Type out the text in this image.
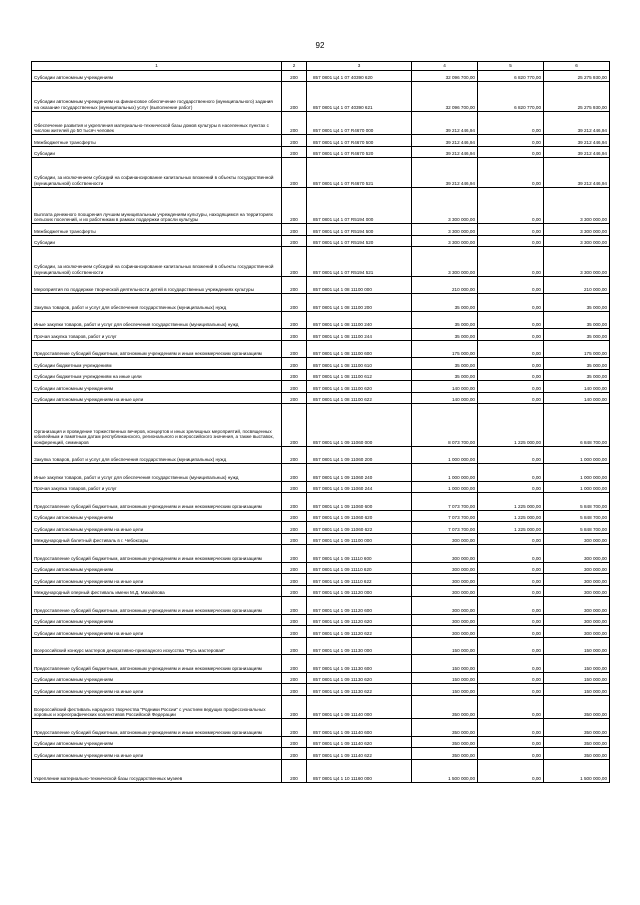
92
1	2	3	4	5	6
Субсидии автономным учреждениям	200	857 0801 Ц4 1 07 40390 620	32 096 700,00	6 820 770,00	25 275 930,00
Субсидии автономным учреждениям на финансовое обеспечение государственного (муниципального) задания на оказание государственных (муниципальных) услуг (выполнение работ)	200	857 0801 Ц4 1 07 40390 621	32 096 700,00	6 820 770,00	25 275 930,00
Обеспечение развития и укрепления материально-технической базы домов культуры в населенных пунктах с числом жителей до 50 тысяч человек	200	857 0801 Ц4 1 07 R4670 000	39 212 446,94	0,00	39 212 446,94
Межбюджетные трансферты	200	857 0801 Ц4 1 07 R4670 500	39 212 446,94	0,00	39 212 446,94
Субсидии	200	857 0801 Ц4 1 07 R4670 520	39 212 446,94	0,00	39 212 446,94
Субсидии, за исключением субсидий на софинансирование капитальных вложений в объекты государственной (муниципальной) собственности	200	857 0801 Ц4 1 07 R4670 521	39 212 446,94	0,00	39 212 446,94
Выплата денежного поощрения лучшим муниципальным учреждениям культуры, находящимся на территориях сельских поселений, и их работникам в рамках поддержки отрасли культуры	200	857 0801 Ц4 1 07 R5194 000	3 300 000,00	0,00	3 300 000,00
Межбюджетные трансферты	200	857 0801 Ц4 1 07 R5194 500	3 300 000,00	0,00	3 300 000,00
Субсидии	200	857 0801 Ц4 1 07 R5194 520	3 300 000,00	0,00	3 300 000,00
Субсидии, за исключением субсидий на софинансирование капитальных вложений в объекты государственной (муниципальной) собственности	200	857 0801 Ц4 1 07 R5194 521	3 300 000,00	0,00	3 300 000,00
Мероприятия по поддержке творческой деятельности детей в государственных учреждениях культуры	200	857 0801 Ц4 1 08 11100 000	210 000,00	0,00	210 000,00
Закупка товаров, работ и услуг для обеспечения государственных (муниципальных) нужд	200	857 0801 Ц4 1 08 11100 200	35 000,00	0,00	35 000,00
Иные закупки товаров, работ и услуг для обеспечения государственных (муниципальных) нужд	200	857 0801 Ц4 1 08 11100 240	35 000,00	0,00	35 000,00
Прочая закупка товаров, работ и услуг	200	857 0801 Ц4 1 08 11100 244	35 000,00	0,00	35 000,00
Предоставление субсидий бюджетным, автономным учреждениям и иным некоммерческим организациям	200	857 0801 Ц4 1 08 11100 600	175 000,00	0,00	175 000,00
Субсидии бюджетным учреждениям	200	857 0801 Ц4 1 08 11100 610	35 000,00	0,00	35 000,00
Субсидии бюджетным учреждениям на иные цели	200	857 0801 Ц4 1 08 11100 612	35 000,00	0,00	35 000,00
Субсидии автономным учреждениям	200	857 0801 Ц4 1 08 11100 620	140 000,00	0,00	140 000,00
Субсидии автономным учреждениям на иные цели	200	857 0801 Ц4 1 08 11100 622	140 000,00	0,00	140 000,00
Организация и проведение торжественных вечеров, концертов и иных зрелищных мероприятий, посвященных юбилейным и памятным датам республиканского, регионального и всероссийского значения, а также выставок, конференций, семинаров	200	857 0801 Ц4 1 09 11060 000	8 073 700,00	1 225 000,00	6 848 700,00
Закупка товаров, работ и услуг для обеспечения государственных (муниципальных) нужд	200	857 0801 Ц4 1 09 11060 200	1 000 000,00	0,00	1 000 000,00
Иные закупки товаров, работ и услуг для обеспечения государственных (муниципальных) нужд	200	857 0801 Ц4 1 09 11060 240	1 000 000,00	0,00	1 000 000,00
Прочая закупка товаров, работ и услуг	200	857 0801 Ц4 1 09 11060 244	1 000 000,00	0,00	1 000 000,00
Предоставление субсидий бюджетным, автономным учреждениям и иным некоммерческим организациям	200	857 0801 Ц4 1 09 11060 600	7 073 700,00	1 225 000,00	5 848 700,00
Субсидии автономным учреждениям	200	857 0801 Ц4 1 09 11060 620	7 073 700,00	1 225 000,00	5 848 700,00
Субсидии автономным учреждениям на иные цели	200	857 0801 Ц4 1 09 11060 622	7 073 700,00	1 225 000,00	5 848 700,00
Международный балетный фестиваль в г. Чебоксары	200	857 0801 Ц4 1 09 11100 000	300 000,00	0,00	300 000,00
Предоставление субсидий бюджетным, автономным учреждениям и иным некоммерческим организациям	200	857 0801 Ц4 1 09 11110 600	300 000,00	0,00	300 000,00
Субсидии автономным учреждениям	200	857 0801 Ц4 1 09 11110 620	300 000,00	0,00	300 000,00
Субсидии автономным учреждениям на иные цели	200	857 0801 Ц4 1 09 11110 622	300 000,00	0,00	300 000,00
Международный оперный фестиваль имени М.Д. Михайлова	200	857 0801 Ц4 1 09 11120 000	300 000,00	0,00	300 000,00
Предоставление субсидий бюджетным, автономным учреждениям и иным некоммерческим организациям	200	857 0801 Ц4 1 09 11120 600	300 000,00	0,00	300 000,00
Субсидии автономным учреждениям	200	857 0801 Ц4 1 09 11120 620	300 000,00	0,00	300 000,00
Субсидии автономным учреждениям на иные цели	200	857 0801 Ц4 1 09 11120 622	300 000,00	0,00	300 000,00
Всероссийский конкурс мастеров декоративно-прикладного искусства "Русь мастеровая"	200	857 0801 Ц4 1 09 11130 000	150 000,00	0,00	150 000,00
Предоставление субсидий бюджетным, автономным учреждениям и иным некоммерческим организациям	200	857 0801 Ц4 1 09 11130 600	150 000,00	0,00	150 000,00
Субсидии автономным учреждениям	200	857 0801 Ц4 1 09 11130 620	150 000,00	0,00	150 000,00
Субсидии автономным учреждениям на иные цели	200	857 0801 Ц4 1 09 11130 622	150 000,00	0,00	150 000,00
Всероссийский фестиваль народного творчества "Родники России" с участием ведущих профессиональных хоровых и хореографических коллективов Российской Федерации	200	857 0801 Ц4 1 09 11140 000	350 000,00	0,00	350 000,00
Предоставление субсидий бюджетным, автономным учреждениям и иным некоммерческим организациям	200	857 0801 Ц4 1 09 11140 600	350 000,00	0,00	350 000,00
Субсидии автономным учреждениям	200	857 0801 Ц4 1 09 11140 620	350 000,00	0,00	350 000,00
Субсидии автономным учреждениям на иные цели	200	857 0801 Ц4 1 09 11140 622	350 000,00	0,00	350 000,00
Укрепление материально-технической базы государственных музеев	200	857 0801 Ц4 1 10 11160 000	1 500 000,00	0,00	1 500 000,00
